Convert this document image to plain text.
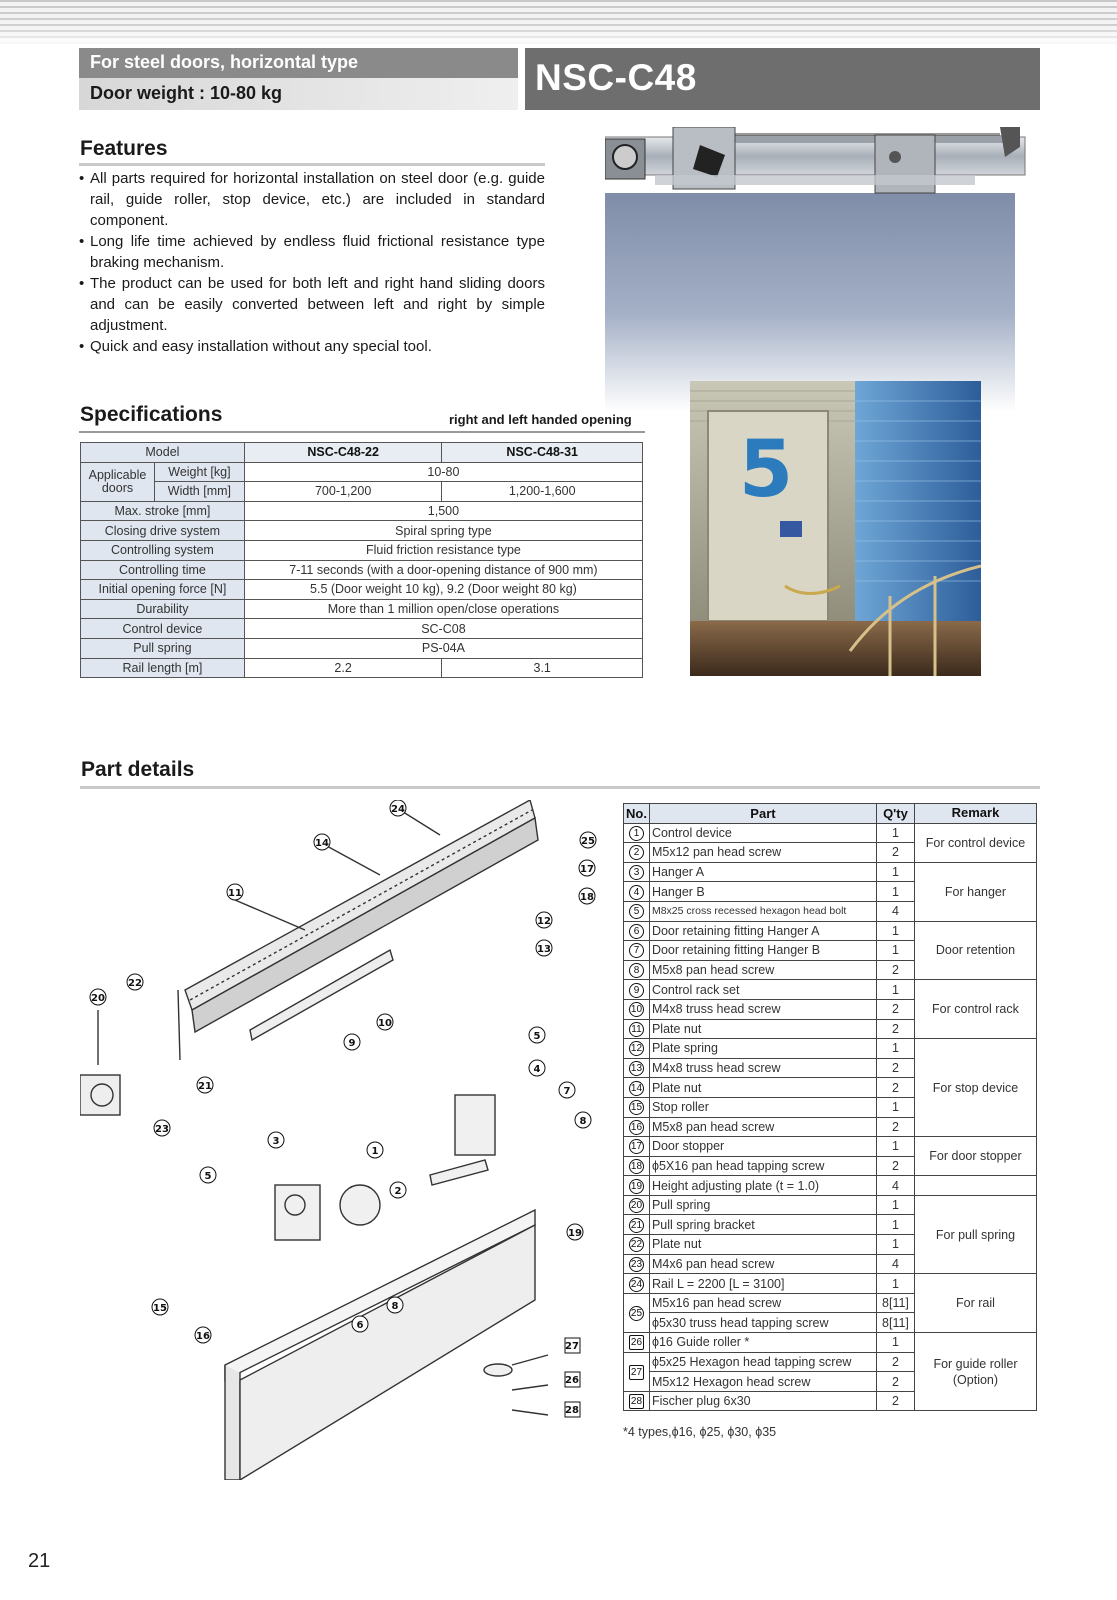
For steel doors, horizontal type
Door weight : 10-80 kg	NSC-C48
Features
• All parts required for horizontal installation on steel door (e.g. guide rail, guide roller, stop device, etc.) are included in standard component.
• Long life time achieved by endless fluid frictional resistance type braking mechanism.
• The product can be used for both left and right hand sliding doors and can be easily converted between left and right by simple adjustment.
• Quick and easy installation without any special tool.
5
Specifications	right and left handed opening
Model		NSC-C48-22	NSC-C48-31
Applicable doors	Weight [kg]	10-80	
	Width [mm]	700-1,200	1,200-1,600
Max. stroke [mm]		1,500	
Closing drive system		Spiral spring type	
Controlling system		Fluid friction resistance type	
Controlling time		7-11 seconds (with a door-opening distance of 900 mm)	
Initial opening force [N]		5.5 (Door weight 10 kg), 9.2 (Door weight 80 kg)	
Durability		More than 1 million open/close operations	
Control device		SC-C08	
Pull spring		PS-04A	
Rail length [m]		2.2	3.1
Part details
24
14	25
17
18
11
12
13
22
20
10
9
5
4
21	7
8
23
3
1
5
2
19
8
15
6
16
27
26
28
No.	Part	Q'ty	Remark
1	Control device	1	For control device
2	M5x12 pan head screw	2	
3	Hanger A	1	For hanger
4	Hanger B	1	
5	M8x25 cross recessed hexagon head bolt	4	
6	Door retaining fitting Hanger A	1	Door retention
7	Door retaining fitting Hanger B	1	
8	M5x8 pan head screw	2	
9	Control rack set	1	For control rack
10	M4x8 truss head screw	2	
11	Plate nut	2	
12	Plate spring	1	For stop device
13	M4x8 truss head screw	2	
14	Plate nut	2	
15	Stop roller	1	
16	M5x8 pan head screw	2	
17	Door stopper	1	For door stopper
18	ϕ5X16 pan head tapping screw	2	
19	Height adjusting plate (t = 1.0)	4	
20	Pull spring	1	For pull spring
21	Pull spring bracket	1	
22	Plate nut	1	
23	M4x6 pan head screw	4	
24	Rail L = 2200 [L = 3100]	1	For rail
25	M5x16 pan head screw	8[11]	
	ϕ5x30 truss head tapping screw	8[11]	
26	ϕ16 Guide roller *	1	For guide roller (Option)
27	ϕ5x25 Hexagon head tapping screw	2	
	M5x12 Hexagon head screw	2	
28	Fischer plug 6x30	2	
*4 types,ϕ16, ϕ25, ϕ30, ϕ35
21
